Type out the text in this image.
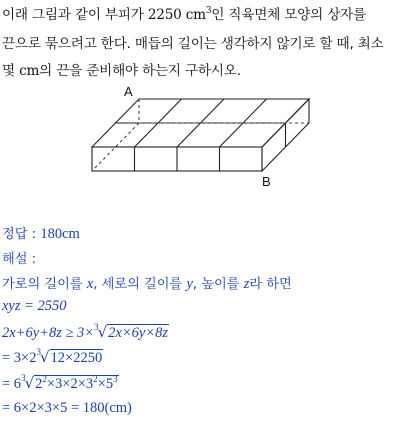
이래 그림과 같이 부피가 2250 $cm^3$인 직육면체 모양의 상자를
끈으로 묶으려고 한다. 매듭의 길이는 생각하지 않기로 할 때, 최소
몇 cm의 끈을 준비해야 하는지 구하시오.
A
B
정답 : 180cm
해설 :
가로의 길이를 x, 세로의 길이를 y, 높이를 z라 하면
xyz = 2550
2x+6y+8z ≥ 3×$^3$√2x×6y×8z
= $3\times 2^3√12\times 2250$
= $6^3√2^2\times 3\times 2\times 3^2\times 5^3$
= 6×2×3×5 = 180(cm)
